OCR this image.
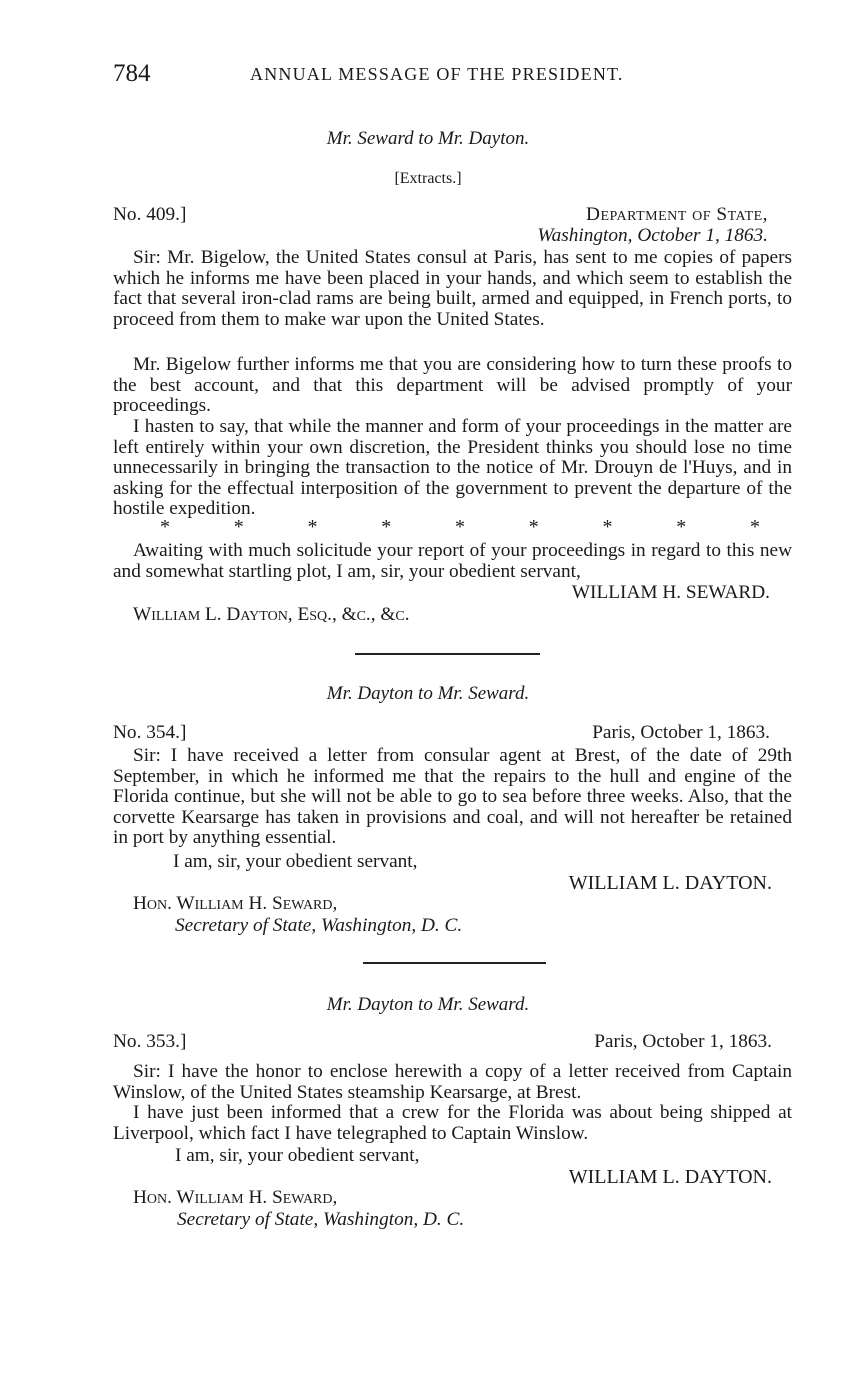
784	ANNUAL MESSAGE OF THE PRESIDENT.
Mr. Seward to Mr. Dayton.
[Extracts.]
No. 409.]	Department of State,
Washington, October 1, 1863.
Sir: Mr. Bigelow, the United States consul at Paris, has sent to me copies of papers which he informs me have been placed in your hands, and which seem to establish the fact that several iron-clad rams are being built, armed and equipped, in French ports, to proceed from them to make war upon the United States.
Mr. Bigelow further informs me that you are considering how to turn these proofs to the best account, and that this department will be advised promptly of your proceedings.
I hasten to say, that while the manner and form of your proceedings in the matter are left entirely within your own discretion, the President thinks you should lose no time unnecessarily in bringing the transaction to the notice of Mr. Drouyn de l'Huys, and in asking for the effectual interposition of the government to prevent the departure of the hostile expedition.
*	*	*	*	*	*	*	*	*
Awaiting with much solicitude your report of your proceedings in regard to this new and somewhat startling plot, I am, sir, your obedient servant,
WILLIAM H. SEWARD.
William L. Dayton, Esq., &c., &c.
Mr. Dayton to Mr. Seward.
No. 354.]	Paris, October 1, 1863.
Sir: I have received a letter from consular agent at Brest, of the date of 29th September, in which he informed me that the repairs to the hull and engine of the Florida continue, but she will not be able to go to sea before three weeks. Also, that the corvette Kearsarge has taken in provisions and coal, and will not hereafter be retained in port by anything essential.
I am, sir, your obedient servant,
WILLIAM L. DAYTON.
Hon. William H. Seward,
Secretary of State, Washington, D. C.
Mr. Dayton to Mr. Seward.
No. 353.]	Paris, October 1, 1863.
Sir: I have the honor to enclose herewith a copy of a letter received from Captain Winslow, of the United States steamship Kearsarge, at Brest.
I have just been informed that a crew for the Florida was about being shipped at Liverpool, which fact I have telegraphed to Captain Winslow.
I am, sir, your obedient servant,
WILLIAM L. DAYTON.
Hon. William H. Seward,
Secretary of State, Washington, D. C.
